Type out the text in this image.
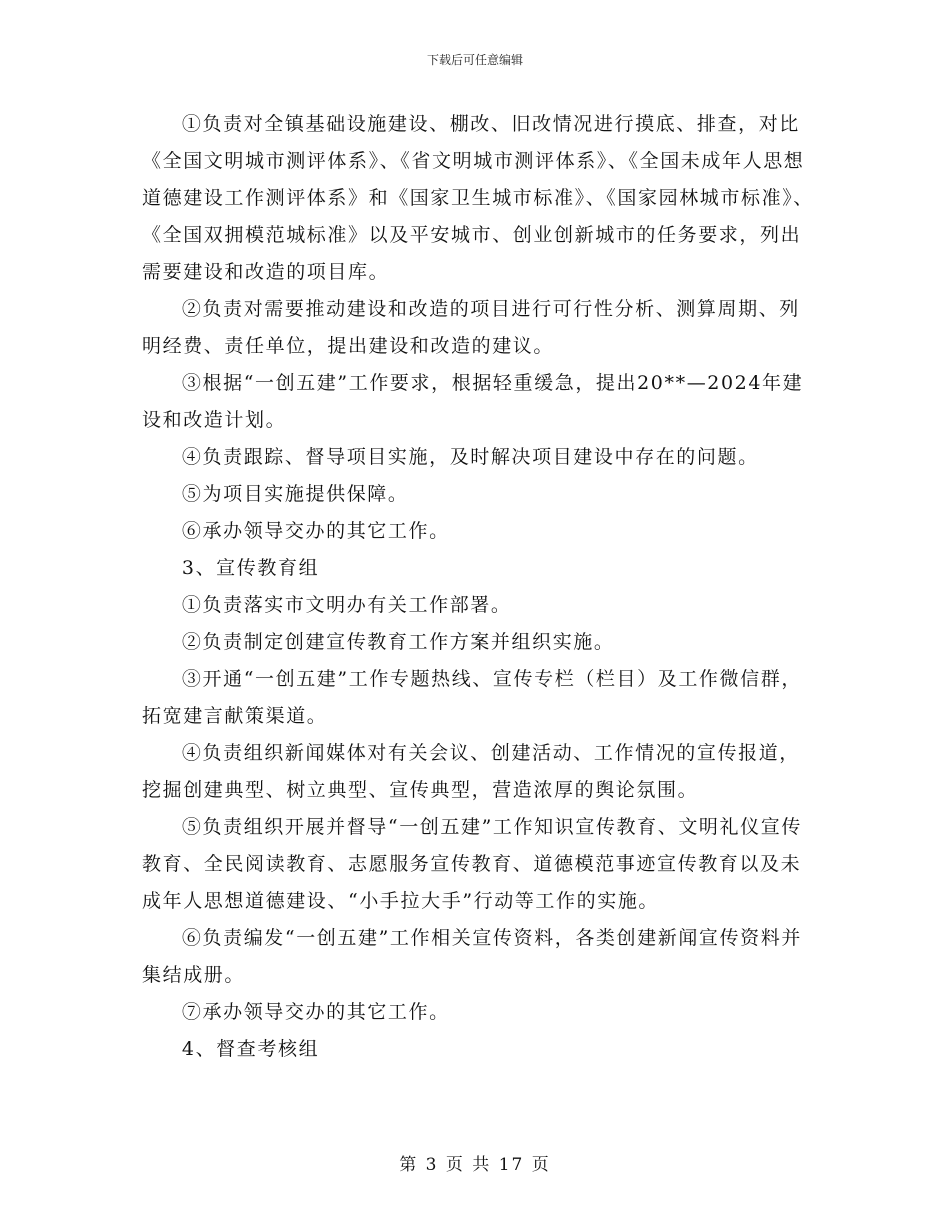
下载后可任意编辑

①负责对全镇基础设施建设、棚改、旧改情况进行摸底、排查，对比《全国文明城市测评体系》、《省文明城市测评体系》、《全国未成年人思想道德建设工作测评体系》和《国家卫生城市标准》、《国家园林城市标准》、《全国双拥模范城标准》以及平安城市、创业创新城市的任务要求，列出需要建设和改造的项目库。

②负责对需要推动建设和改造的项目进行可行性分析、测算周期、列明经费、责任单位，提出建设和改造的建议。

③根据“一创五建”工作要求，根据轻重缓急，提出20**—2024年建设和改造计划。

④负责跟踪、督导项目实施，及时解决项目建设中存在的问题。

⑤为项目实施提供保障。

⑥承办领导交办的其它工作。

3、宣传教育组

①负责落实市文明办有关工作部署。

②负责制定创建宣传教育工作方案并组织实施。

③开通“一创五建”工作专题热线、宣传专栏（栏目）及工作微信群，拓宽建言献策渠道。

④负责组织新闻媒体对有关会议、创建活动、工作情况的宣传报道，挖掘创建典型、树立典型、宣传典型，营造浓厚的舆论氛围。

⑤负责组织开展并督导“一创五建”工作知识宣传教育、文明礼仪宣传教育、全民阅读教育、志愿服务宣传教育、道德模范事迹宣传教育以及未成年人思想道德建设、“小手拉大手”行动等工作的实施。

⑥负责编发“一创五建”工作相关宣传资料，各类创建新闻宣传资料并集结成册。

⑦承办领导交办的其它工作。

4、督查考核组

第 3 页 共 17 页
